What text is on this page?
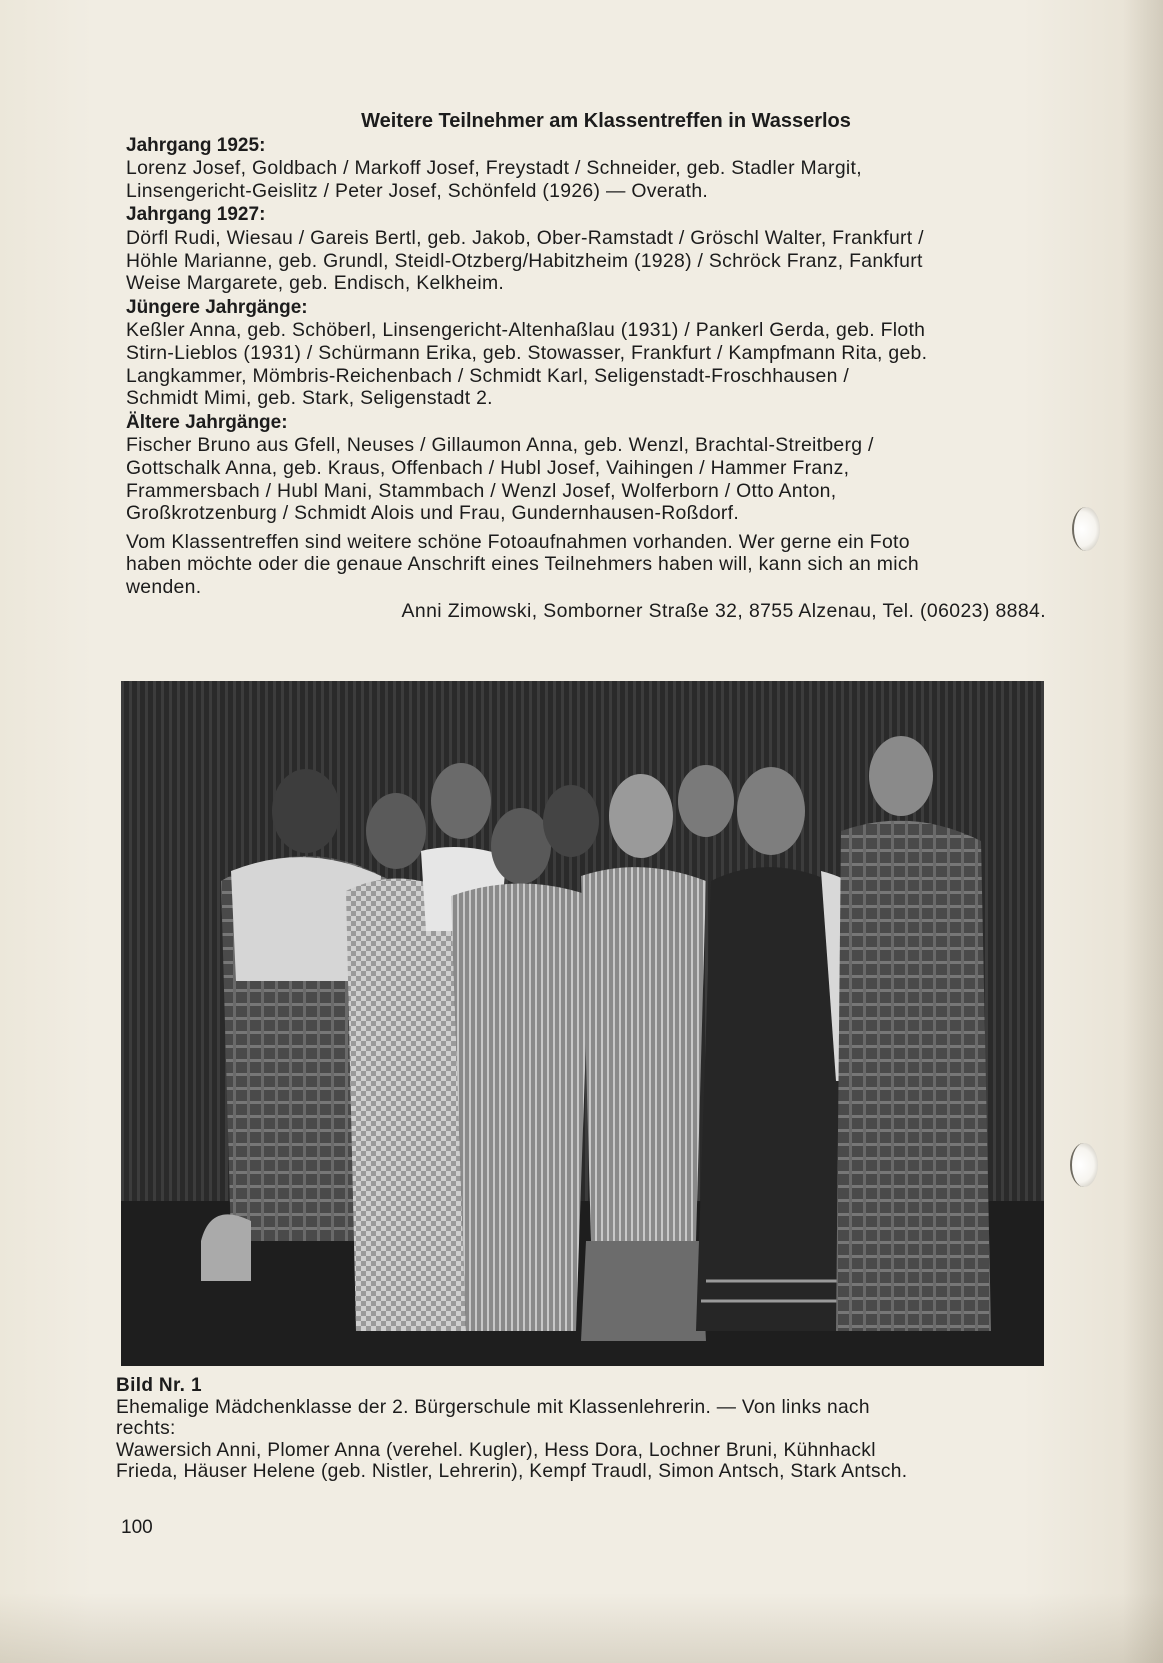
Weitere Teilnehmer am Klassentreffen in Wasserlos
Jahrgang 1925:

Lorenz Josef, Goldbach / Markoff Josef, Freystadt / Schneider, geb. Stadler Margit,

Linsengericht-Geislitz / Peter Josef, Schönfeld (1926) — Overath.

Jahrgang 1927:

Dörfl Rudi, Wiesau / Gareis Bertl, geb. Jakob, Ober-Ramstadt / Gröschl Walter, Frankfurt /

Höhle Marianne, geb. Grundl, Steidl-Otzberg/Habitzheim (1928) / Schröck Franz, Fankfurt

Weise Margarete, geb. Endisch, Kelkheim.

Jüngere Jahrgänge:

Keßler Anna, geb. Schöberl, Linsengericht-Altenhaßlau (1931) / Pankerl Gerda, geb. Floth

Stirn-Lieblos (1931) / Schürmann Erika, geb. Stowasser, Frankfurt / Kampfmann Rita, geb.

Langkammer, Mömbris-Reichenbach / Schmidt Karl, Seligenstadt-Froschhausen /

Schmidt Mimi, geb. Stark, Seligenstadt 2.

Ältere Jahrgänge:

Fischer Bruno aus Gfell, Neuses / Gillaumon Anna, geb. Wenzl, Brachtal-Streitberg /

Gottschalk Anna, geb. Kraus, Offenbach / Hubl Josef, Vaihingen / Hammer Franz,

Frammersbach / Hubl Mani, Stammbach / Wenzl Josef, Wolferborn / Otto Anton,

Großkrotzenburg / Schmidt Alois und Frau, Gundernhausen-Roßdorf.

Vom Klassentreffen sind weitere schöne Fotoaufnahmen vorhanden. Wer gerne ein Foto

haben möchte oder die genaue Anschrift eines Teilnehmers haben will, kann sich an mich

wenden.

Anni Zimowski, Somborner Straße 32, 8755 Alzenau, Tel. (06023) 8884.
Bild Nr. 1

Ehemalige Mädchenklasse der 2. Bürgerschule mit Klassenlehrerin. — Von links nach

rechts:

Wawersich Anni, Plomer Anna (verehel. Kugler), Hess Dora, Lochner Bruni, Kühnhackl

Frieda, Häuser Helene (geb. Nistler, Lehrerin), Kempf Traudl, Simon Antsch, Stark Antsch.

100
